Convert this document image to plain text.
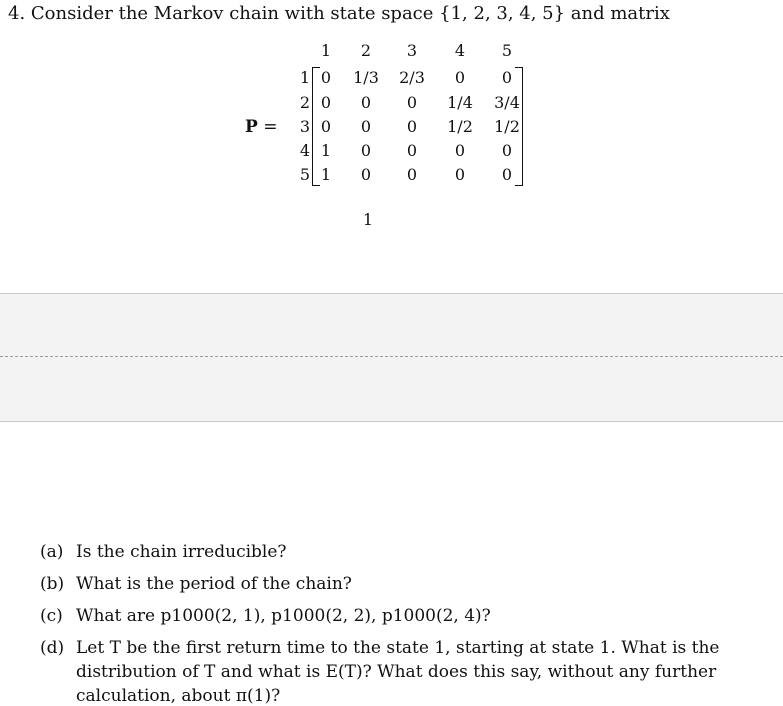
4. Consider the Markov chain with state space {1, 2, 3, 4, 5} and matrix
P =
1 2 3 4 5
1 0 1/3 2/3 0 0
2 0 0 0 1/4 3/4
3 0 0 0 1/2 1/2
4 1 0 0 0 0
5 1 0 0 0 0
1
(a) Is the chain irreducible?
(b) What is the period of the chain?
(c) What are p1000(2, 1), p1000(2, 2), p1000(2, 4)?
(d) Let T be the first return time to the state 1, starting at state 1. What is the
distribution of T and what is E(T)? What does this say, without any further
calculation, about π(1)?
